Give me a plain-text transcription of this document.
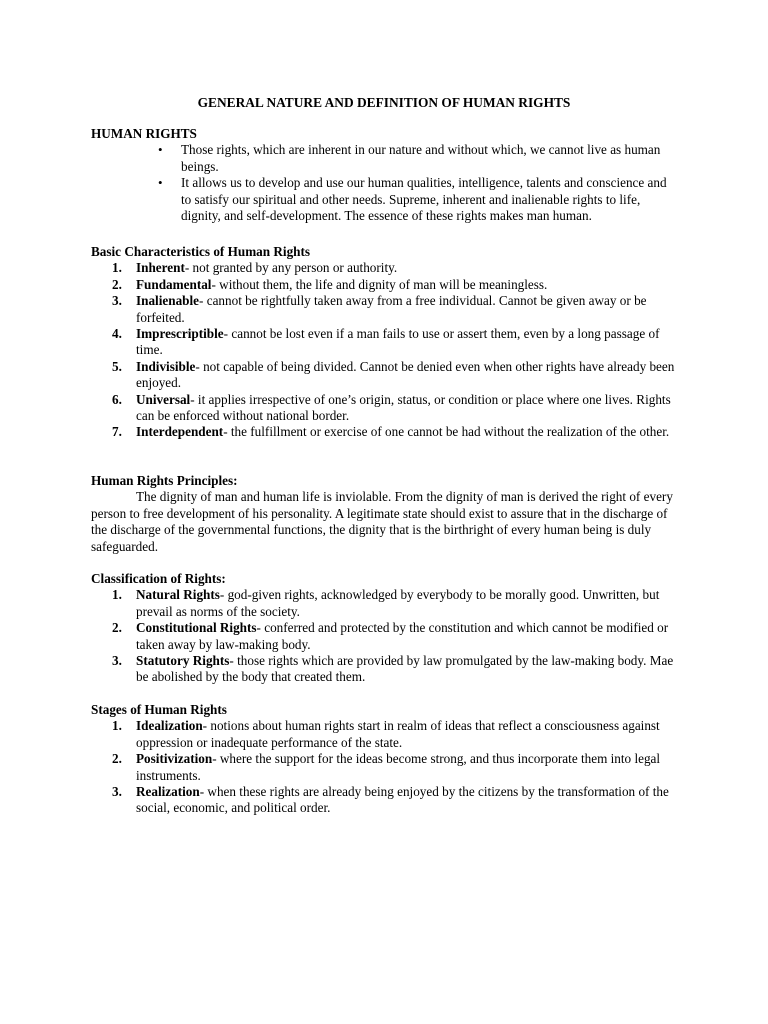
GENERAL NATURE AND DEFINITION OF HUMAN RIGHTS
HUMAN RIGHTS
• Those rights, which are inherent in our nature and without which, we cannot live as human beings.
• It allows us to develop and use our human qualities, intelligence, talents and conscience and to satisfy our spiritual and other needs. Supreme, inherent and inalienable rights to life, dignity, and self-development. The essence of these rights makes man human.
Basic Characteristics of Human Rights
1. Inherent- not granted by any person or authority.
2. Fundamental- without them, the life and dignity of man will be meaningless.
3. Inalienable- cannot be rightfully taken away from a free individual. Cannot be given away or be forfeited.
4. Imprescriptible- cannot be lost even if a man fails to use or assert them, even by a long passage of time.
5. Indivisible- not capable of being divided. Cannot be denied even when other rights have already been enjoyed.
6. Universal- it applies irrespective of one’s origin, status, or condition or place where one lives. Rights can be enforced without national border.
7. Interdependent- the fulfillment or exercise of one cannot be had without the realization of the other.
Human Rights Principles:

The dignity of man and human life is inviolable. From the dignity of man is derived the right of every person to free development of his personality. A legitimate state should exist to assure that in the discharge of the discharge of the governmental functions, the dignity that is the birthright of every human being is duly safeguarded.

Classification of Rights:
1. Natural Rights- god-given rights, acknowledged by everybody to be morally good. Unwritten, but prevail as norms of the society.
2. Constitutional Rights- conferred and protected by the constitution and which cannot be modified or taken away by law-making body.
3. Statutory Rights- those rights which are provided by law promulgated by the law-making body. Mae be abolished by the body that created them.
Stages of Human Rights
1. Idealization- notions about human rights start in realm of ideas that reflect a consciousness against oppression or inadequate performance of the state.
2. Positivization- where the support for the ideas become strong, and thus incorporate them into legal instruments.
3. Realization- when these rights are already being enjoyed by the citizens by the transformation of the social, economic, and political order.
